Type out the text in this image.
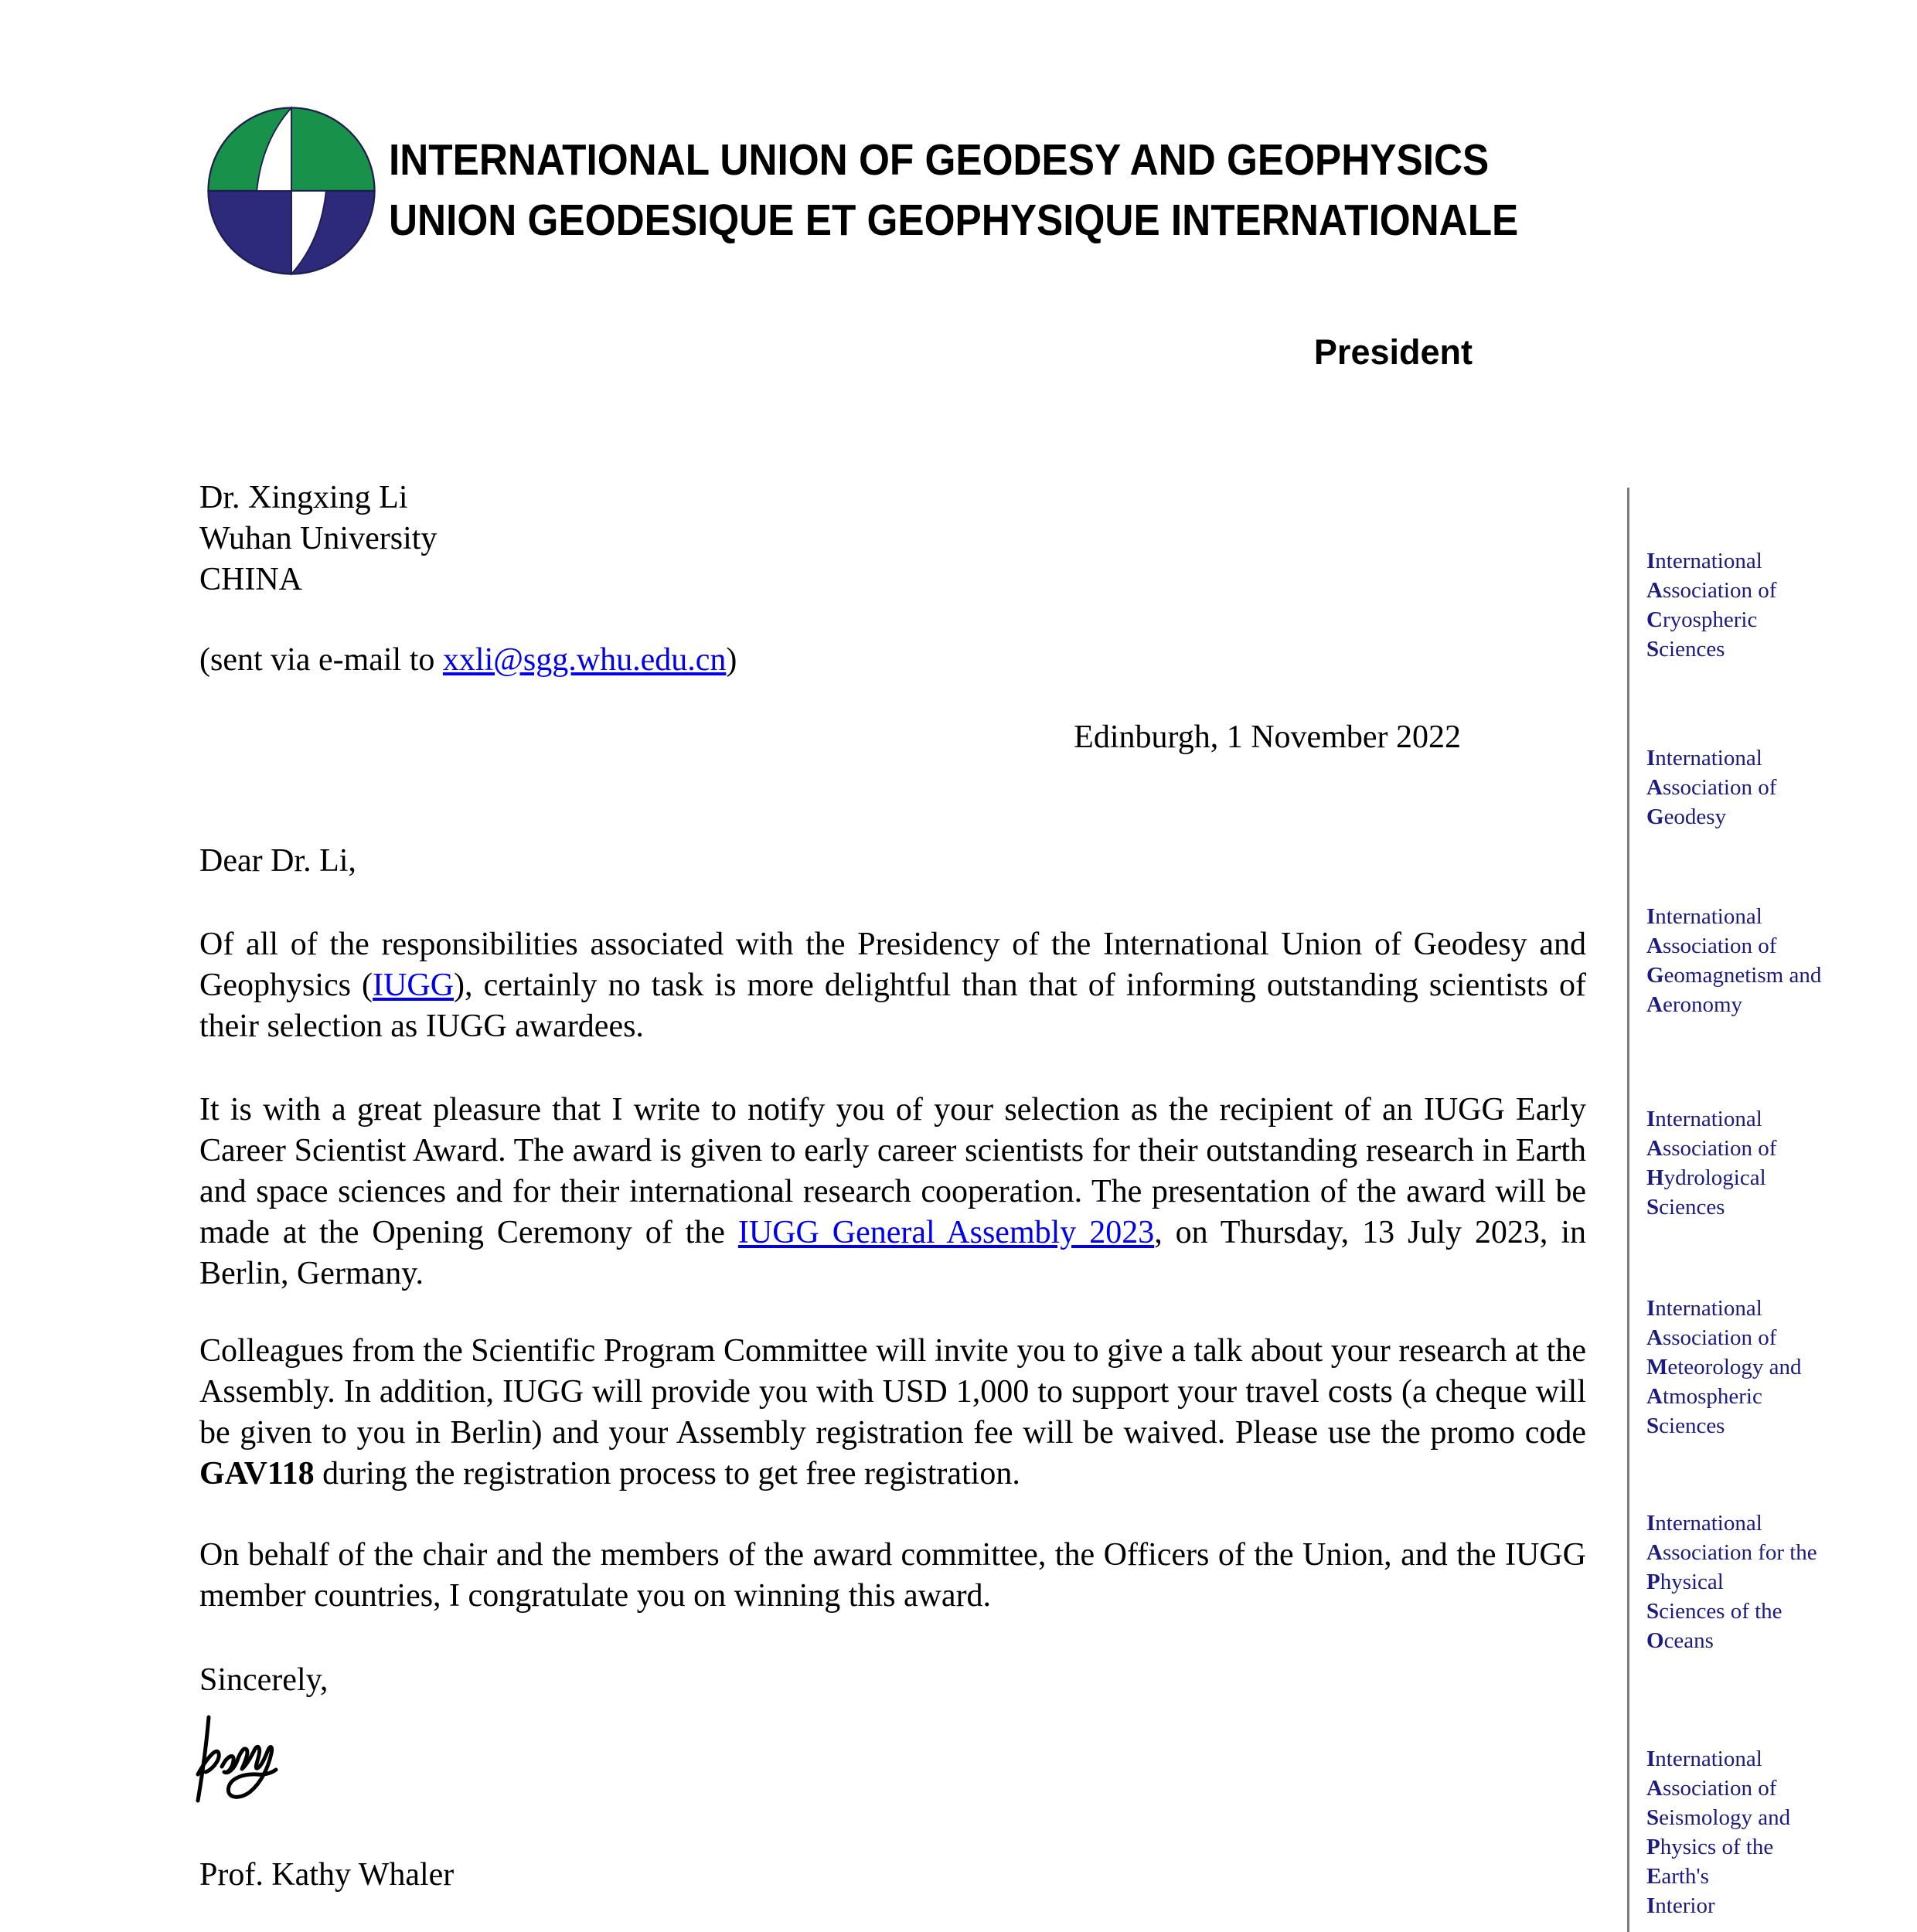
INTERNATIONAL UNION OF GEODESY AND GEOPHYSICS
UNION GEODESIQUE ET GEOPHYSIQUE INTERNATIONALE
President
Dr. Xingxing Li
Wuhan University
CHINA
(sent via e-mail to xxli@sgg.whu.edu.cn)
Edinburgh, 1 November 2022
Dear Dr. Li,
Of all of the responsibilities associated with the Presidency of the International Union of Geodesy and Geophysics (IUGG), certainly no task is more delightful than that of informing outstanding scientists of their selection as IUGG awardees.
It is with a great pleasure that I write to notify you of your selection as the recipient of an IUGG Early Career Scientist Award. The award is given to early career scientists for their outstanding research in Earth and space sciences and for their international research cooperation. The presentation of the award will be made at the Opening Ceremony of the IUGG General Assembly 2023, on Thursday, 13 July 2023, in Berlin, Germany.
Colleagues from the Scientific Program Committee will invite you to give a talk about your research at the Assembly. In addition, IUGG will provide you with USD 1,000 to support your travel costs (a cheque will be given to you in Berlin) and your Assembly registration fee will be waived. Please use the promo code GAV118 during the registration process to get free registration.
On behalf of the chair and the members of the award committee, the Officers of the Union, and the IUGG member countries, I congratulate you on winning this award.
Sincerely,
Prof. Kathy Whaler
International
Association of
Cryospheric
Sciences
International
Association of
Geodesy
International
Association of
Geomagnetism and
Aeronomy
International
Association of
Hydrological
Sciences
International
Association of
Meteorology and
Atmospheric
Sciences
International
Association for the
Physical
Sciences of the
Oceans
International
Association of
Seismology and
Physics of the
Earth's
Interior
